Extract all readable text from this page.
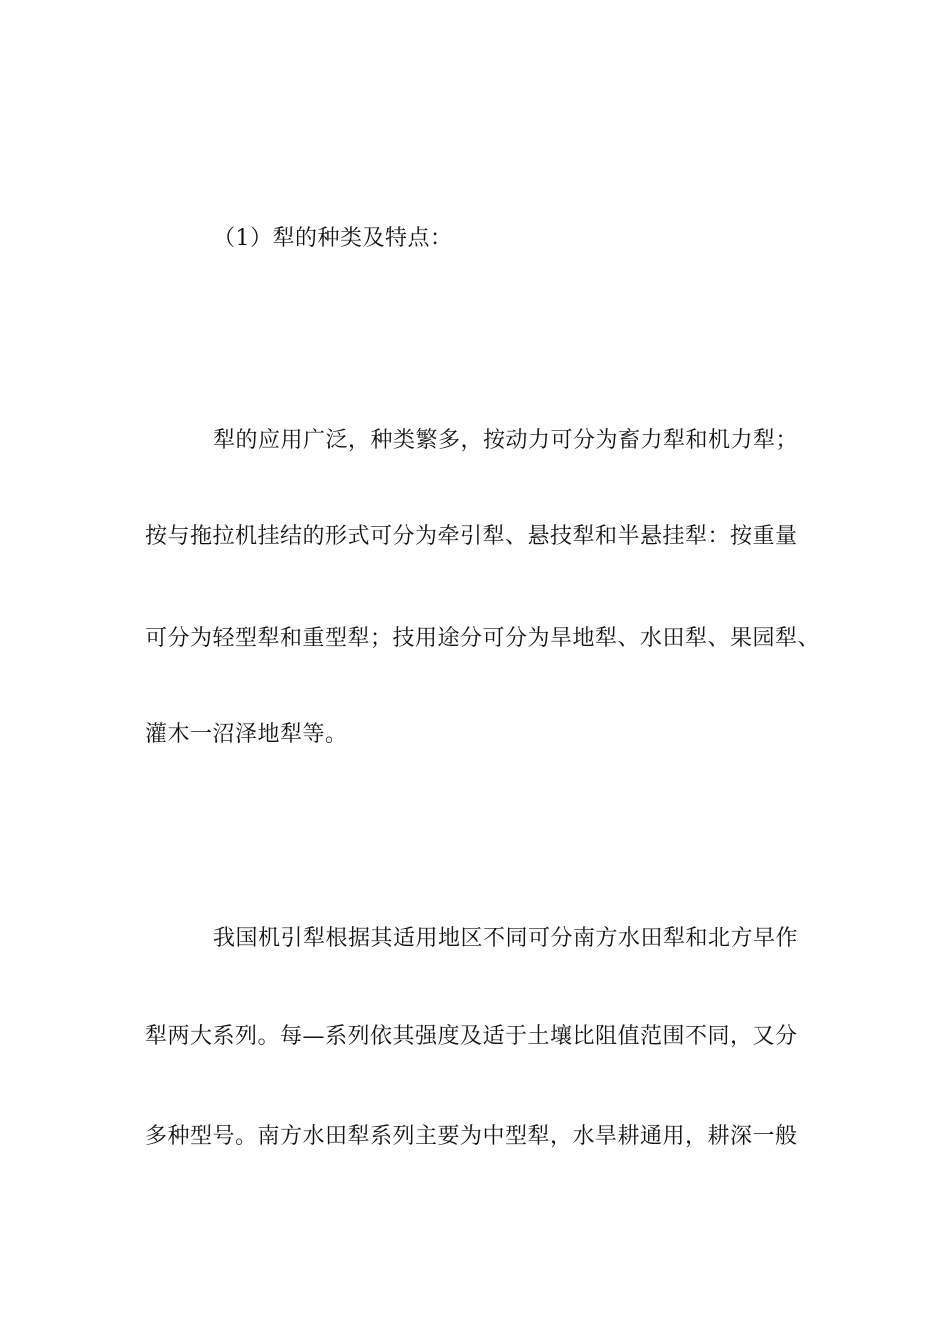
（1）犁的种类及特点：
犁的应用广泛，种类繁多，按动力可分为畜力犁和机力犁；
按与拖拉机挂结的形式可分为牵引犁、悬技犁和半悬挂犁：按重量
可分为轻型犁和重型犁；技用途分可分为旱地犁、水田犁、果园犁、
灌木一沼泽地犁等。
我国机引犁根据其适用地区不同可分南方水田犁和北方早作
犁两大系列。每—系列依其强度及适于土壤比阻值范围不同，又分
多种型号。南方水田犁系列主要为中型犁，水旱耕通用，耕深一般
